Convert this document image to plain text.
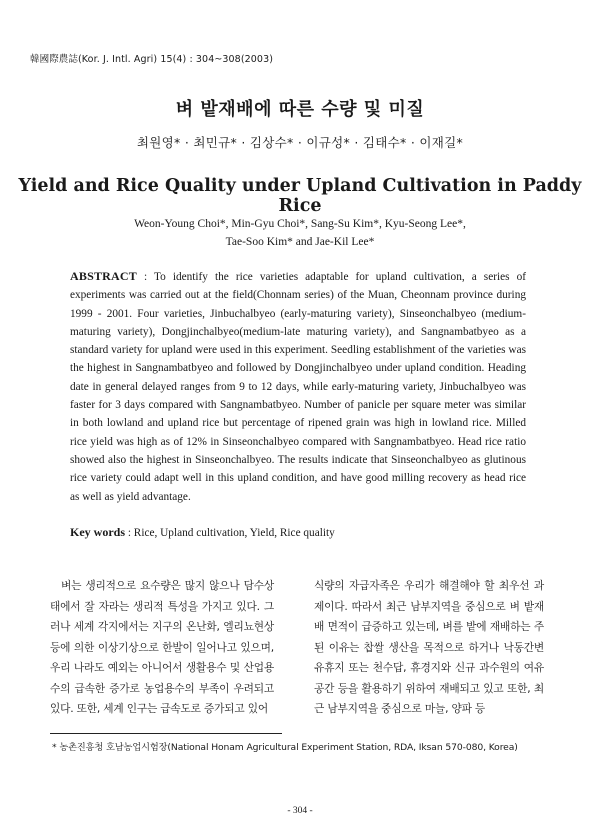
韓國際農誌(Kor. J. Intl. Agri) 15(4) : 304~308(2003)
벼 밭재배에 따른 수량 및 미질
최원영* · 최민규* · 김상수* · 이규성* · 김태수* · 이재길*
Yield and Rice Quality under Upland Cultivation in Paddy Rice
Weon-Young Choi*, Min-Gyu Choi*, Sang-Su Kim*, Kyu-Seong Lee*,
Tae-Soo Kim* and Jae-Kil Lee*
ABSTRACT : To identify the rice varieties adaptable for upland cultivation, a series of experiments was carried out at the field(Chonnam series) of the Muan, Cheonnam province during 1999 - 2001. Four varieties, Jinbuchalbyeo (early-maturing variety), Sinseonchalbyeo (medium-maturing variety), Dongjinchalbyeo(medium-late maturing variety), and Sangnambatbyeo as a standard variety for upland were used in this experiment. Seedling establishment of the varieties was the highest in Sangnambatbyeo and followed by Dongjinchalbyeo under upland condition. Heading date in general delayed ranges from 9 to 12 days, while early-maturing variety, Jinbuchalbyeo was faster for 3 days compared with Sangnambatbyeo. Number of panicle per square meter was similar in both lowland and upland rice but percentage of ripened grain was high in lowland rice. Milled rice yield was high as of 12% in Sinseonchalbyeo compared with Sangnambatbyeo. Head rice ratio showed also the highest in Sinseonchalbyeo. The results indicate that Sinseonchalbyeo as glutinous rice variety could adapt well in this upland condition, and have good milling recovery as head rice as well as yield advantage.
Key words : Rice, Upland cultivation, Yield, Rice quality
벼는 생리적으로 요수량은 많지 않으나 담수상태에서 잘 자라는 생리적 특성을 가지고 있다. 그러나 세계 각지에서는 지구의 온난화, 엘리뇨현상 등에 의한 이상기상으로 한발이 일어나고 있으며, 우리 나라도 예외는 아니어서 생활용수 및 산업용수의 급속한 증가로 농업용수의 부족이 우려되고 있다. 또한, 세계 인구는 급속도로 증가되고 있어
식량의 자급자족은 우리가 해결해야 할 최우선 과제이다. 따라서 최근 남부지역을 중심으로 벼 밭재배 면적이 급증하고 있는데, 벼를 밭에 재배하는 주된 이유는 찹쌀 생산을 목적으로 하거나 낙동간변 유휴지 또는 천수답, 휴경지와 신규 과수원의 여유공간 등을 활용하기 위하여 재배되고 있고 또한, 최근 남부지역을 중심으로 마늘, 양파 등
* 농촌진흥청 호남농업시험장(National Honam Agricultural Experiment Station, RDA, Iksan 570-080, Korea)
- 304 -
